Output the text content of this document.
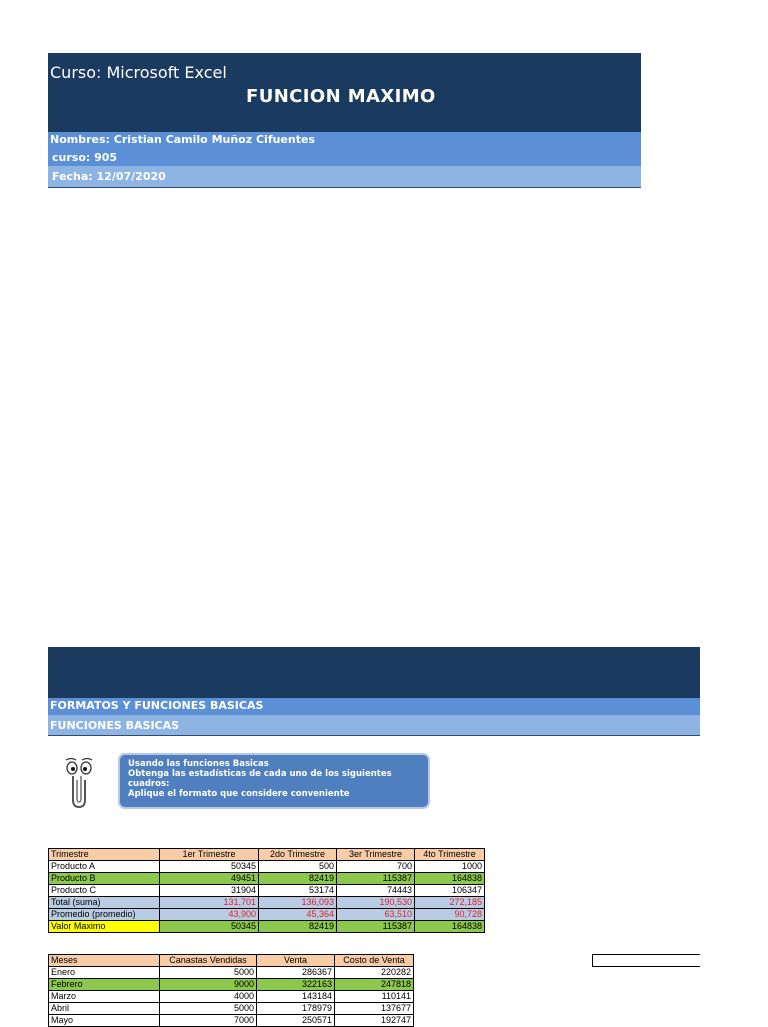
Curso: Microsoft Excel
FUNCION MAXIMO
Nombres: Cristian Camilo Muñoz Cifuentes
curso: 905
Fecha: 12/07/2020
FORMATOS Y FUNCIONES BASICAS
FUNCIONES BASICAS
Usando las funciones Basicas
Obtenga las estadísticas de cada uno de los siguientes cuadros:
Aplique el formato que considere conveniente
Trimestre	1er Trimestre	2do Trimestre	3er Trimestre	4to Trimestre
Producto A	50345	500	700	1000
Producto B	49451	82419	115387	164838
Producto C	31904	53174	74443	106347
Total (suma)	131,701	136,093	190,530	272,185
Promedio (promedio)	43,900	45,364	63,510	90,728
Valor Maximo	50345	82419	115387	164838
Meses	Canastas Vendidas	Venta	Costo de Venta
Enero	5000	286367	220282
Febrero	9000	322163	247818
Marzo	4000	143184	110141
Abril	5000	178979	137677
Mayo	7000	250571	192747
